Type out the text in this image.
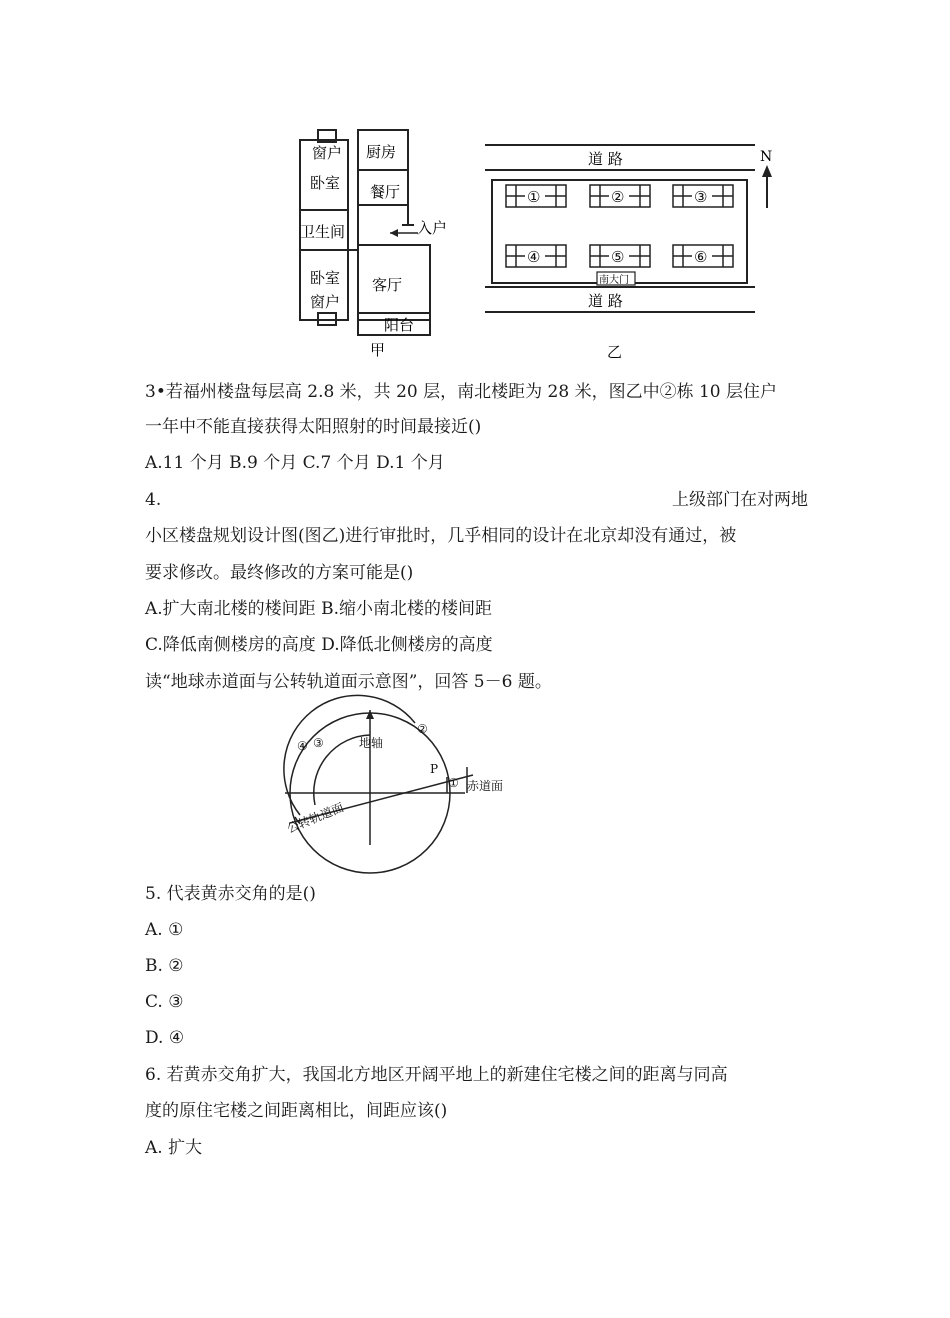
窗户
卧室
厨房
餐厅
卫生间	入户
卧室
窗户
客厅
阳台
甲
道 路
道 路
N
①	②	③
④	⑤	⑥
南大门
乙
3•若福州楼盘每层高 2.8 米，共 20 层，南北楼距为 28 米，图乙中②栋 10 层住户
一年中不能直接获得太阳照射的时间最接近()
A.11 个月 B.9 个月 C.7 个月 D.1 个月
4.	上级部门在对两地
小区楼盘规划设计图(图乙)进行审批时，几乎相同的设计在北京却没有通过，被
要求修改。最终修改的方案可能是()
A.扩大南北楼的楼间距 B.缩小南北楼的楼间距
C.降低南侧楼房的高度 D.降低北侧楼房的高度
读“地球赤道面与公转轨道面示意图”，回答 5－6 题。
地轴
赤道面
公转轨道面
P
①
②
③
④
5. 代表黄赤交角的是()
A. ①
B. ②
C. ③
D. ④
6. 若黄赤交角扩大，我国北方地区开阔平地上的新建住宅楼之间的距离与同高
度的原住宅楼之间距离相比，间距应该()
A. 扩大
